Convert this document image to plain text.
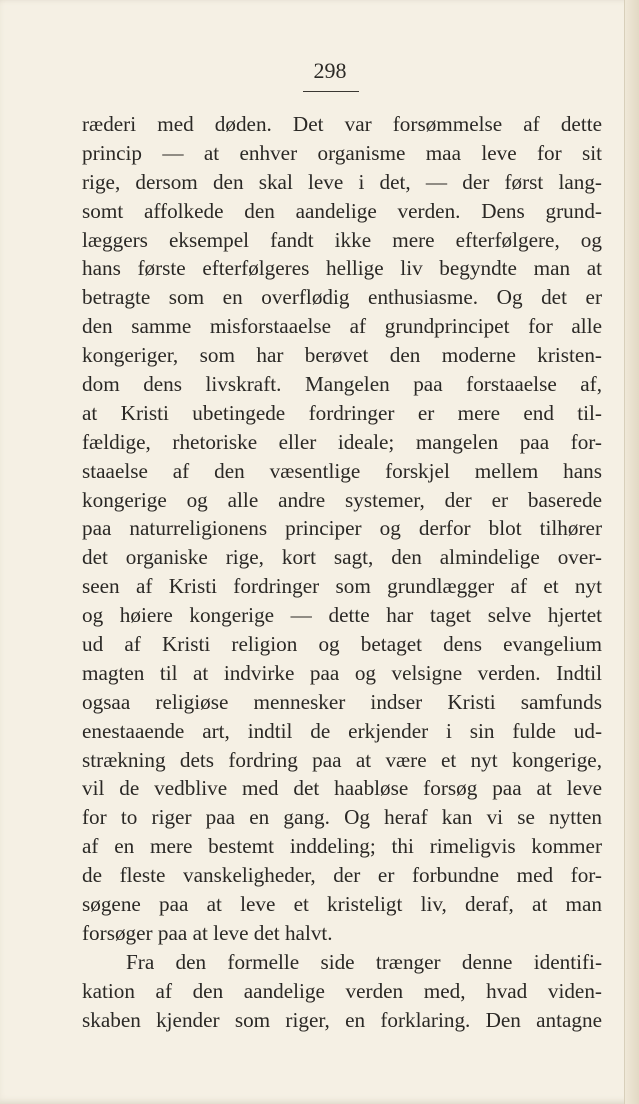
298
ræderi med døden. Det var forsømmelse af dette
princip — at enhver organisme maa leve for sit
rige, dersom den skal leve i det, — der først lang-
somt affolkede den aandelige verden. Dens grund-
læggers eksempel fandt ikke mere efterfølgere, og
hans første efterfølgeres hellige liv begyndte man at
betragte som en overflødig enthusiasme. Og det er
den samme misforstaaelse af grundprincipet for alle
kongeriger, som har berøvet den moderne kristen-
dom dens livskraft. Mangelen paa forstaaelse af,
at Kristi ubetingede fordringer er mere end til-
fældige, rhetoriske eller ideale; mangelen paa for-
staaelse af den væsentlige forskjel mellem hans
kongerige og alle andre systemer, der er baserede
paa naturreligionens principer og derfor blot tilhører
det organiske rige, kort sagt, den almindelige over-
seen af Kristi fordringer som grundlægger af et nyt
og høiere kongerige — dette har taget selve hjertet
ud af Kristi religion og betaget dens evangelium
magten til at indvirke paa og velsigne verden. Indtil
ogsaa religiøse mennesker indser Kristi samfunds
enestaaende art, indtil de erkjender i sin fulde ud-
strækning dets fordring paa at være et nyt kongerige,
vil de vedblive med det haabløse forsøg paa at leve
for to riger paa en gang. Og heraf kan vi se nytten
af en mere bestemt inddeling; thi rimeligvis kommer
de fleste vanskeligheder, der er forbundne med for-
søgene paa at leve et kristeligt liv, deraf, at man
forsøger paa at leve det halvt.
Fra den formelle side trænger denne identifi-
kation af den aandelige verden med, hvad viden-
skaben kjender som riger, en forklaring. Den antagne
